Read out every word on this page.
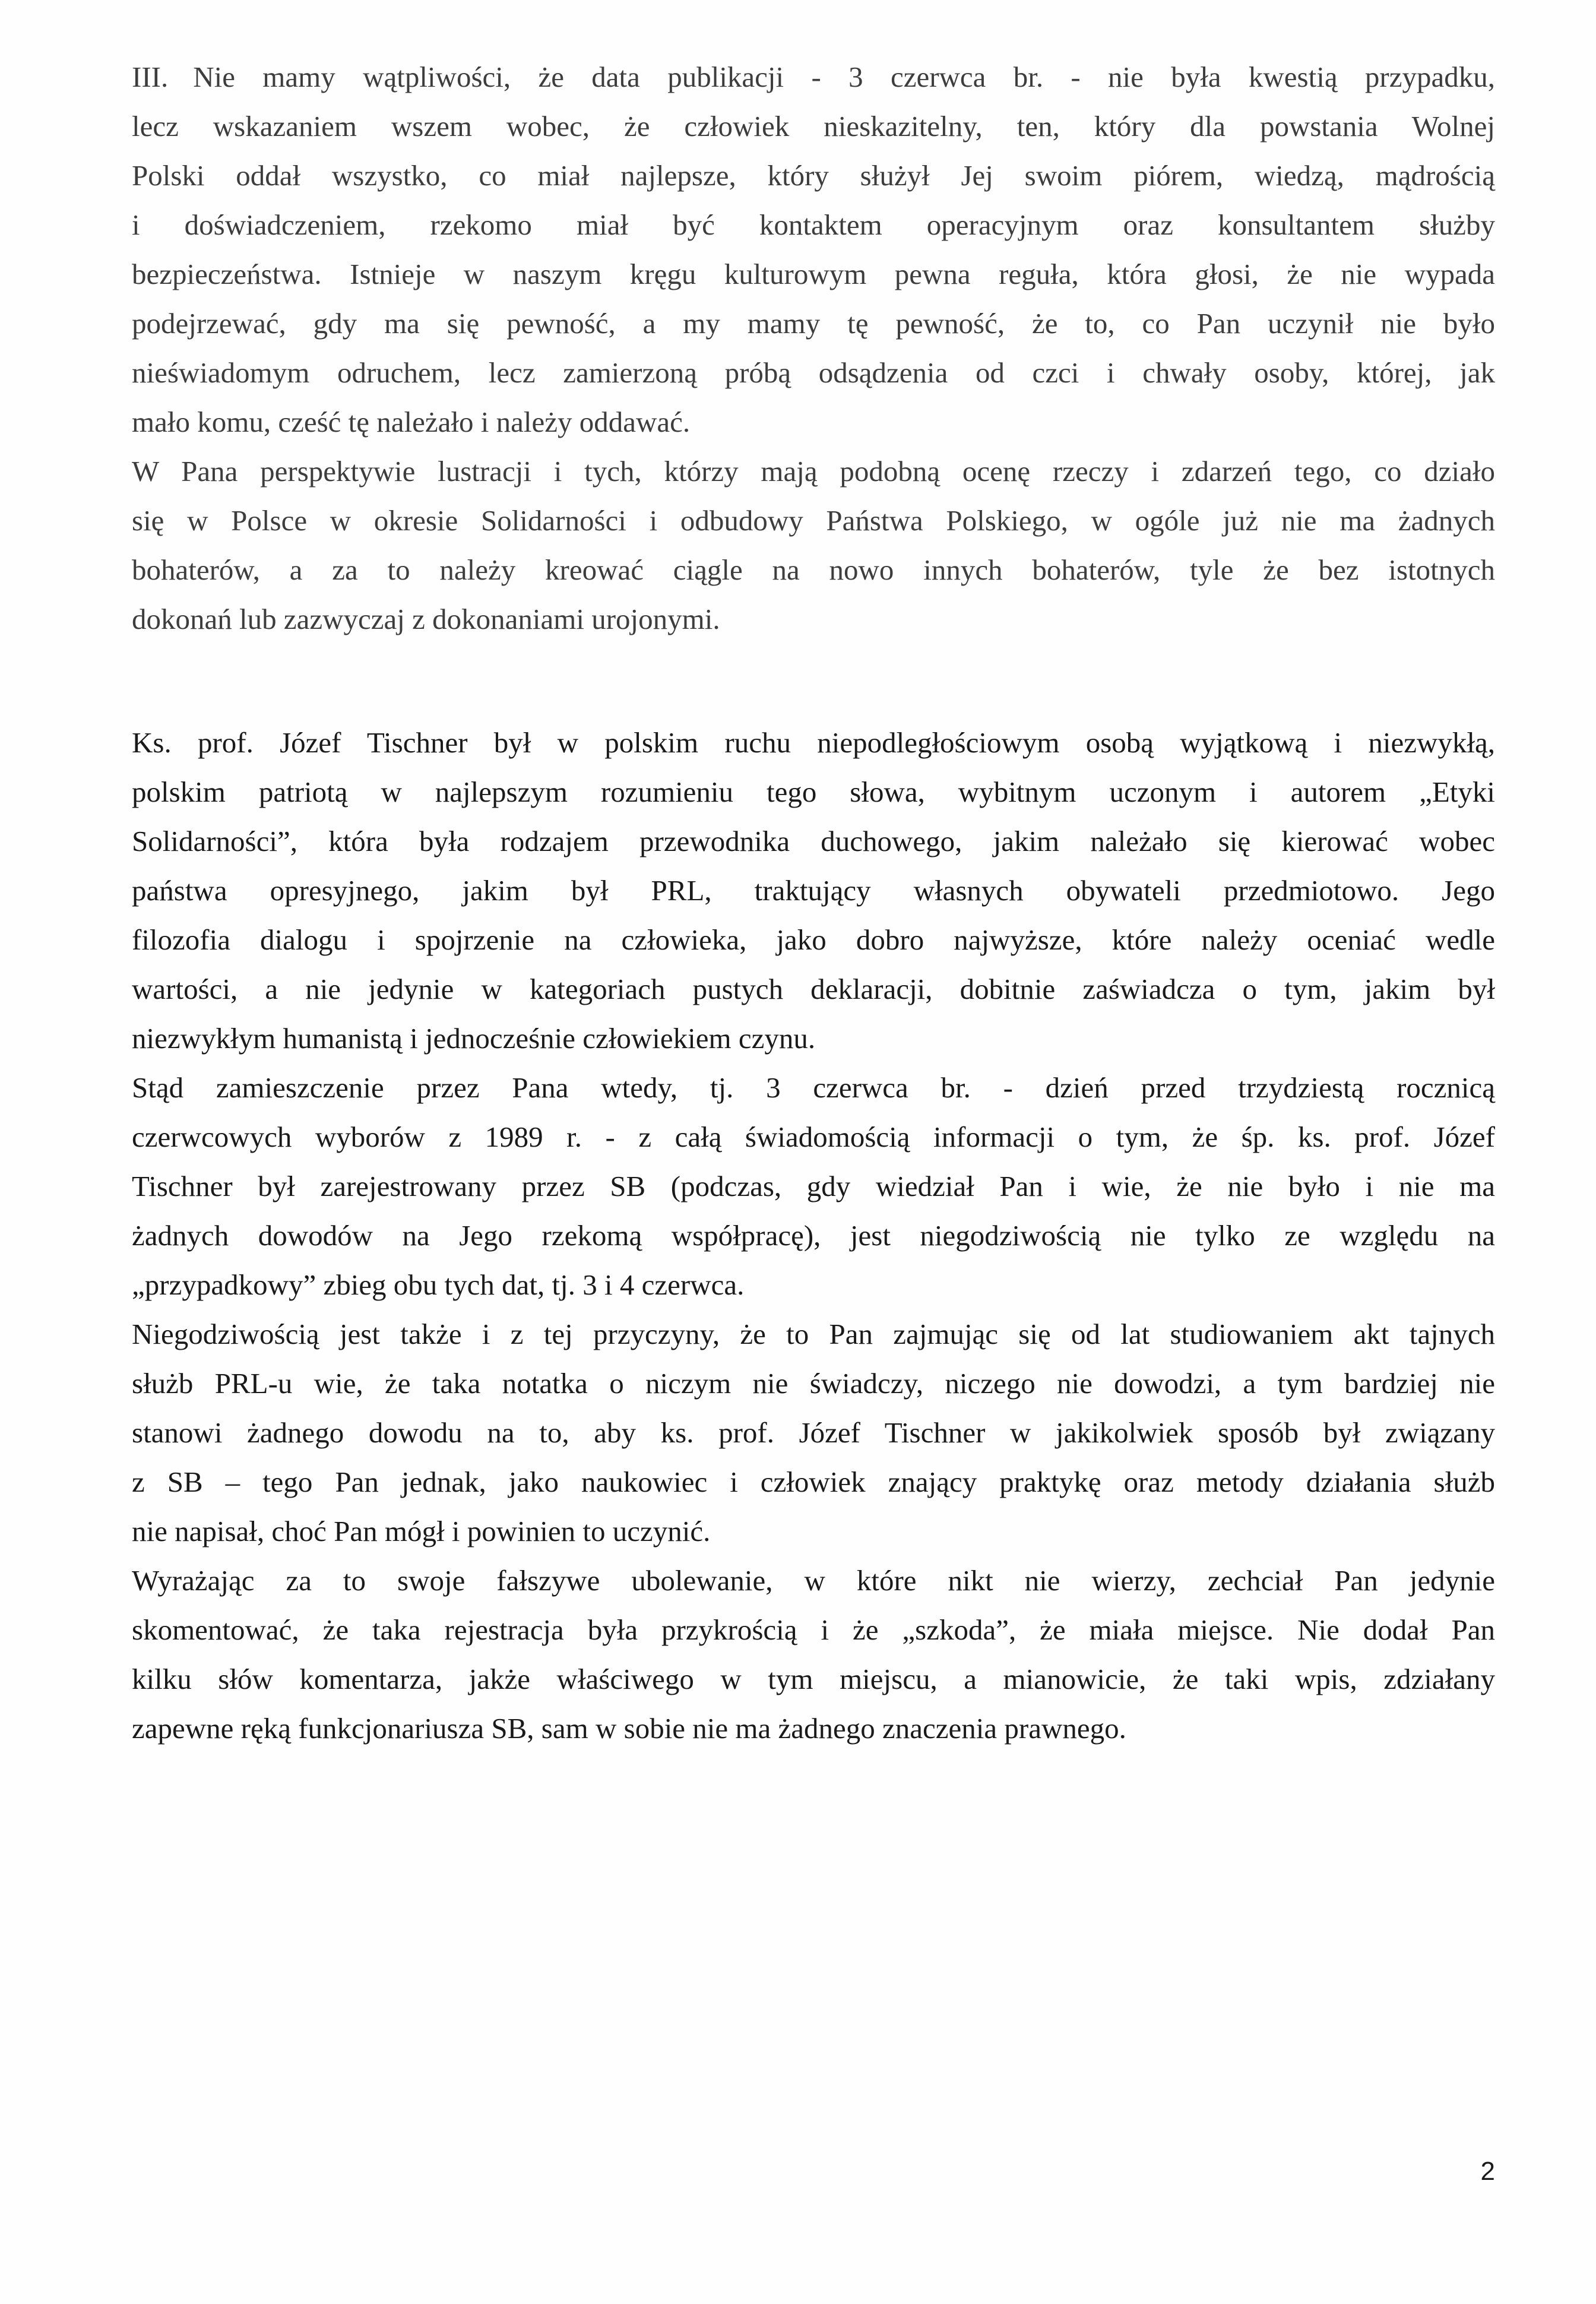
III. Nie mamy wątpliwości, że data publikacji - 3 czerwca br. - nie była kwestią przypadku,
lecz wskazaniem wszem wobec, że człowiek nieskazitelny, ten, który dla powstania Wolnej
Polski oddał wszystko, co miał najlepsze, który służył Jej swoim piórem, wiedzą, mądrością
i doświadczeniem, rzekomo miał być kontaktem operacyjnym oraz konsultantem służby
bezpieczeństwa. Istnieje w naszym kręgu kulturowym pewna reguła, która głosi, że nie wypada
podejrzewać, gdy ma się pewność, a my mamy tę pewność, że to, co Pan uczynił nie było
nieświadomym odruchem, lecz zamierzoną próbą odsądzenia od czci i chwały osoby, której, jak
mało komu, cześć tę należało i należy oddawać.

W Pana perspektywie lustracji i tych, którzy mają podobną ocenę rzeczy i zdarzeń tego, co działo
się w Polsce w okresie Solidarności i odbudowy Państwa Polskiego, w ogóle już nie ma żadnych
bohaterów, a za to należy kreować ciągle na nowo innych bohaterów, tyle że bez istotnych
dokonań lub zazwyczaj z dokonaniami urojonymi.

Ks. prof. Józef Tischner był w polskim ruchu niepodległościowym osobą wyjątkową i niezwykłą,
polskim patriotą w najlepszym rozumieniu tego słowa, wybitnym uczonym i autorem „Etyki
Solidarności”, która była rodzajem przewodnika duchowego, jakim należało się kierować wobec
państwa opresyjnego, jakim był PRL, traktujący własnych obywateli przedmiotowo. Jego
filozofia dialogu i spojrzenie na człowieka, jako dobro najwyższe, które należy oceniać wedle
wartości, a nie jedynie w kategoriach pustych deklaracji, dobitnie zaświadcza o tym, jakim był
niezwykłym humanistą i jednocześnie człowiekiem czynu.

Stąd zamieszczenie przez Pana wtedy, tj. 3 czerwca br. - dzień przed trzydziestą rocznicą
czerwcowych wyborów z 1989 r. - z całą świadomością informacji o tym, że śp. ks. prof. Józef
Tischner był zarejestrowany przez SB (podczas, gdy wiedział Pan i wie, że nie było i nie ma
żadnych dowodów na Jego rzekomą współpracę), jest niegodziwością nie tylko ze względu na
„przypadkowy” zbieg obu tych dat, tj. 3 i 4 czerwca.

Niegodziwością jest także i z tej przyczyny, że to Pan zajmując się od lat studiowaniem akt tajnych
służb PRL-u wie, że taka notatka o niczym nie świadczy, niczego nie dowodzi, a tym bardziej nie
stanowi żadnego dowodu na to, aby ks. prof. Józef Tischner w jakikolwiek sposób był związany
z SB – tego Pan jednak, jako naukowiec i człowiek znający praktykę oraz metody działania służb
nie napisał, choć Pan mógł i powinien to uczynić.

Wyrażając za to swoje fałszywe ubolewanie, w które nikt nie wierzy, zechciał Pan jedynie
skomentować, że taka rejestracja była przykrością i że „szkoda”, że miała miejsce. Nie dodał Pan
kilku słów komentarza, jakże właściwego w tym miejscu, a mianowicie, że taki wpis, zdziałany
zapewne ręką funkcjonariusza SB, sam w sobie nie ma żadnego znaczenia prawnego.

2
